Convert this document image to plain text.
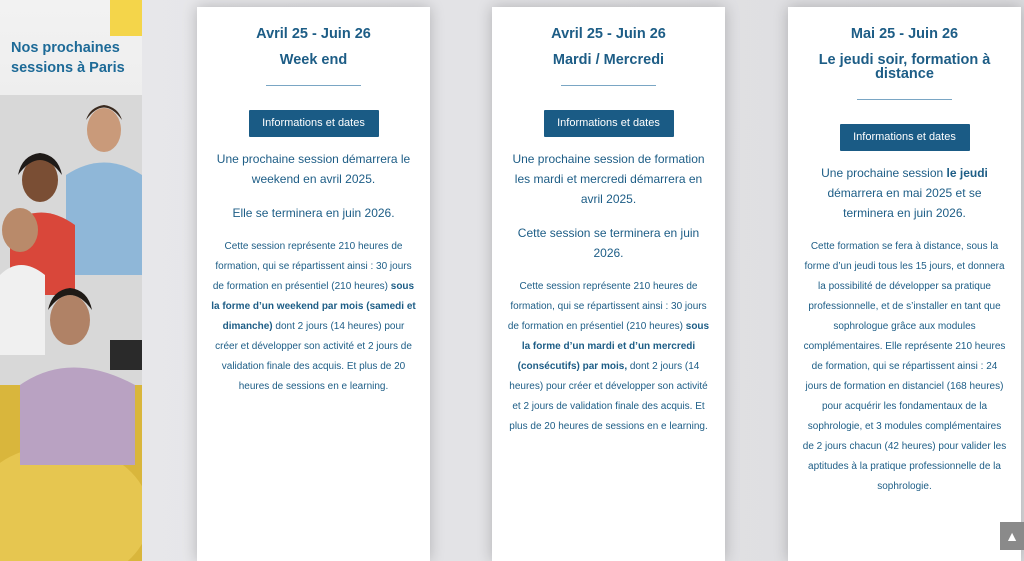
Nos prochaines sessions à Paris
Avril 25 - Juin 26
Week end
Informations et dates

Une prochaine session démarrera le weekend en avril 2025.

Elle se terminera en juin 2026.

Cette session représente 210 heures de formation, qui se répartissent ainsi : 30 jours de formation en présentiel (210 heures) sous la forme d’un weekend par mois (samedi et dimanche) dont 2 jours (14 heures) pour créer et développer son activité et 2 jours de validation finale des acquis. Et plus de 20 heures de sessions en e learning.
Avril 25 - Juin 26
Mardi / Mercredi
Informations et dates

Une prochaine session de formation les mardi et mercredi démarrera en avril 2025.

Cette session se terminera en juin 2026.

Cette session représente 210 heures de formation, qui se répartissent ainsi : 30 jours de formation en présentiel (210 heures) sous la forme d’un mardi et d’un mercredi (consécutifs) par mois, dont 2 jours (14 heures) pour créer et développer son activité et 2 jours de validation finale des acquis. Et plus de 20 heures de sessions en e learning.
Mai 25 - Juin 26
Le jeudi soir, formation à distance
Informations et dates

Une prochaine session le jeudi démarrera en mai 2025 et se terminera en juin 2026.

Cette formation se fera à distance, sous la forme d’un jeudi tous les 15 jours, et donnera la possibilité de développer sa pratique professionnelle, et de s’installer en tant que sophrologue grâce aux modules complémentaires. Elle représente 210 heures de formation, qui se répartissent ainsi : 24 jours de formation en distanciel (168 heures) pour acquérir les fondamentaux de la sophrologie, et 3 modules complémentaires de 2 jours chacun (42 heures) pour valider les aptitudes à la pratique professionnelle de la sophrologie.
▲
